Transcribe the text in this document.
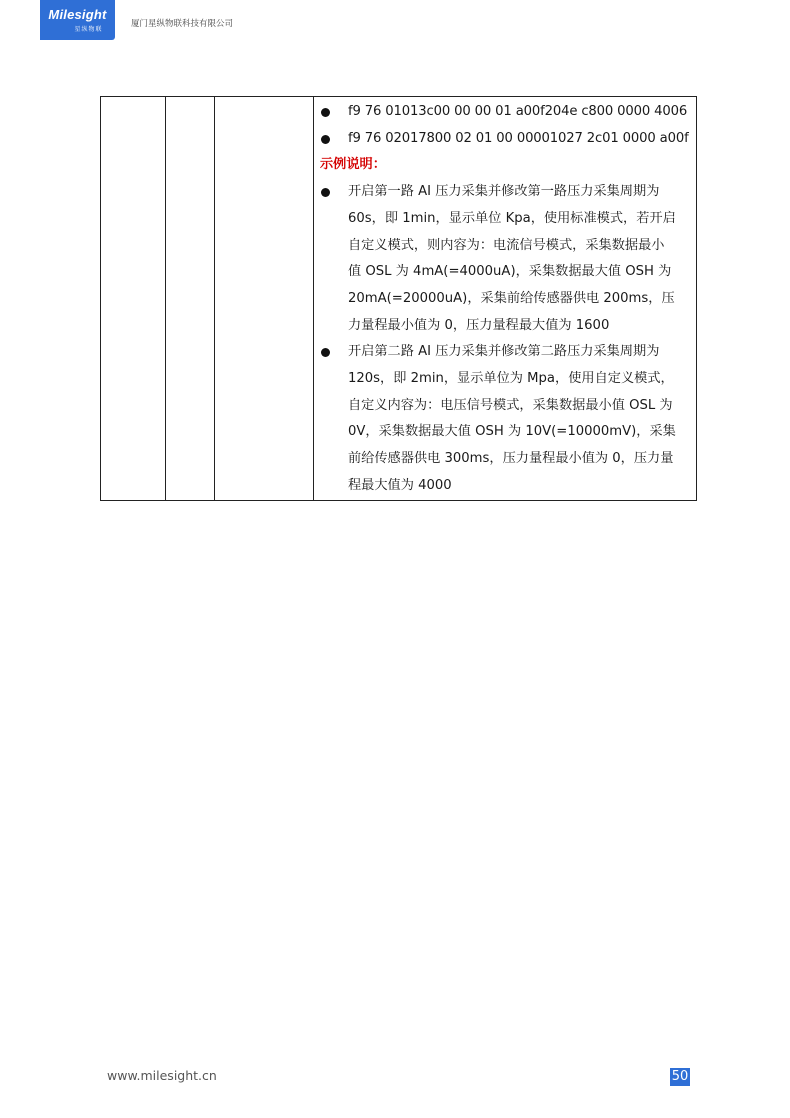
Milesight
星纵物联
厦门星纵物联科技有限公司

f9 76 01013c00 00 00 01 a00f204e c800 0000 4006
f9 76 02017800 02 01 00 00001027 2c01 0000 a00f
示例说明：
开启第一路 AI 压力采集并修改第一路压力采集周期为
60s，即 1min，显示单位 Kpa，使用标准模式，若开启
自定义模式，则内容为：电流信号模式，采集数据最小
值 OSL 为 4mA(=4000uA)，采集数据最大值 OSH 为
20mA(=20000uA)，采集前给传感器供电 200ms，压
力量程最小值为 0，压力量程最大值为 1600
开启第二路 AI 压力采集并修改第二路压力采集周期为
120s，即 2min，显示单位为 Mpa，使用自定义模式，
自定义内容为：电压信号模式，采集数据最小值 OSL 为
0V，采集数据最大值 OSH 为 10V(=10000mV)，采集
前给传感器供电 300ms，压力量程最小值为 0，压力量
程最大值为 4000
www.milesight.cn	50
